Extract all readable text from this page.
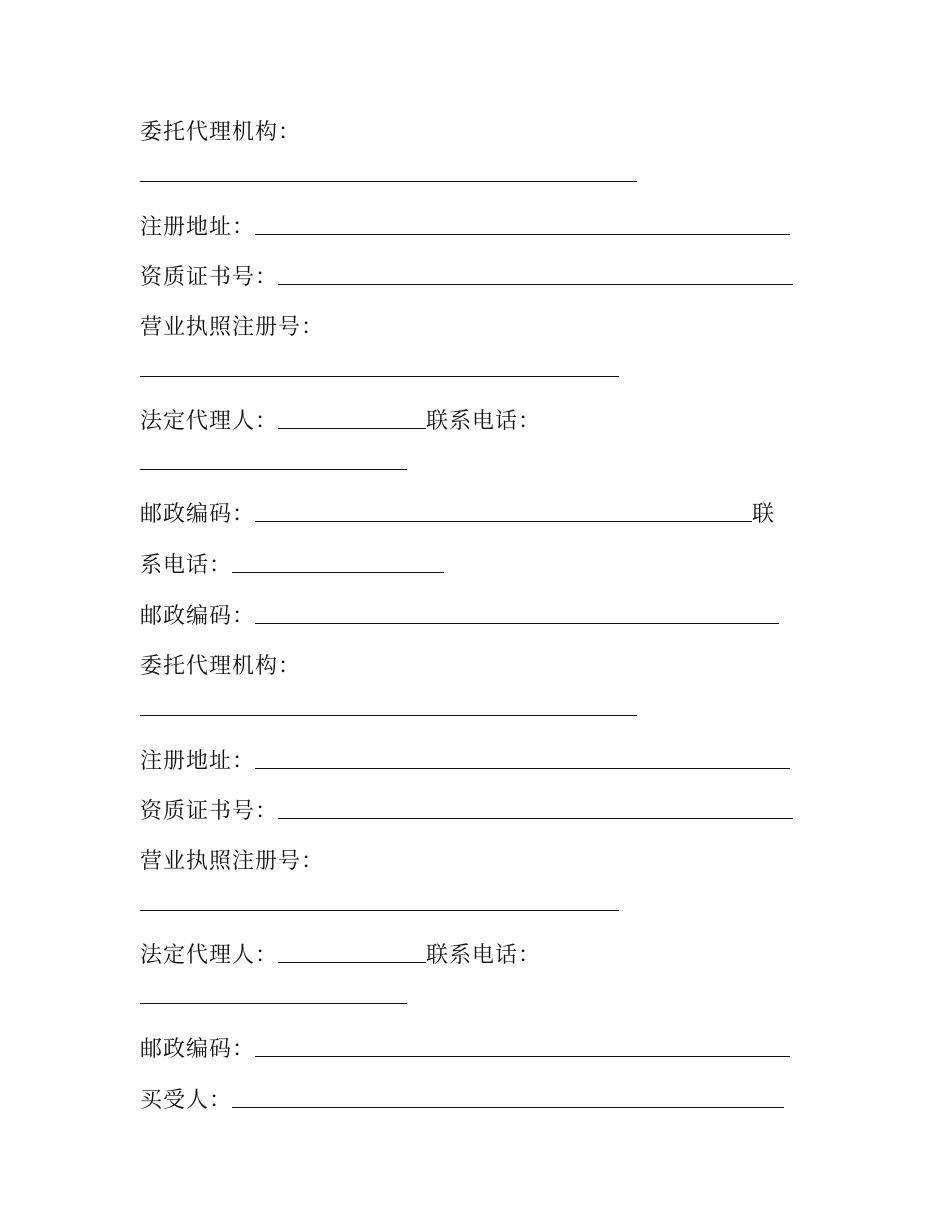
委托代理机构：
注册地址：
资质证书号：
营业执照注册号：
法定代理人：	联系电话：
邮政编码：	联
系电话：
邮政编码：
委托代理机构：
注册地址：
资质证书号：
营业执照注册号：
法定代理人：	联系电话：
邮政编码：
买受人：
